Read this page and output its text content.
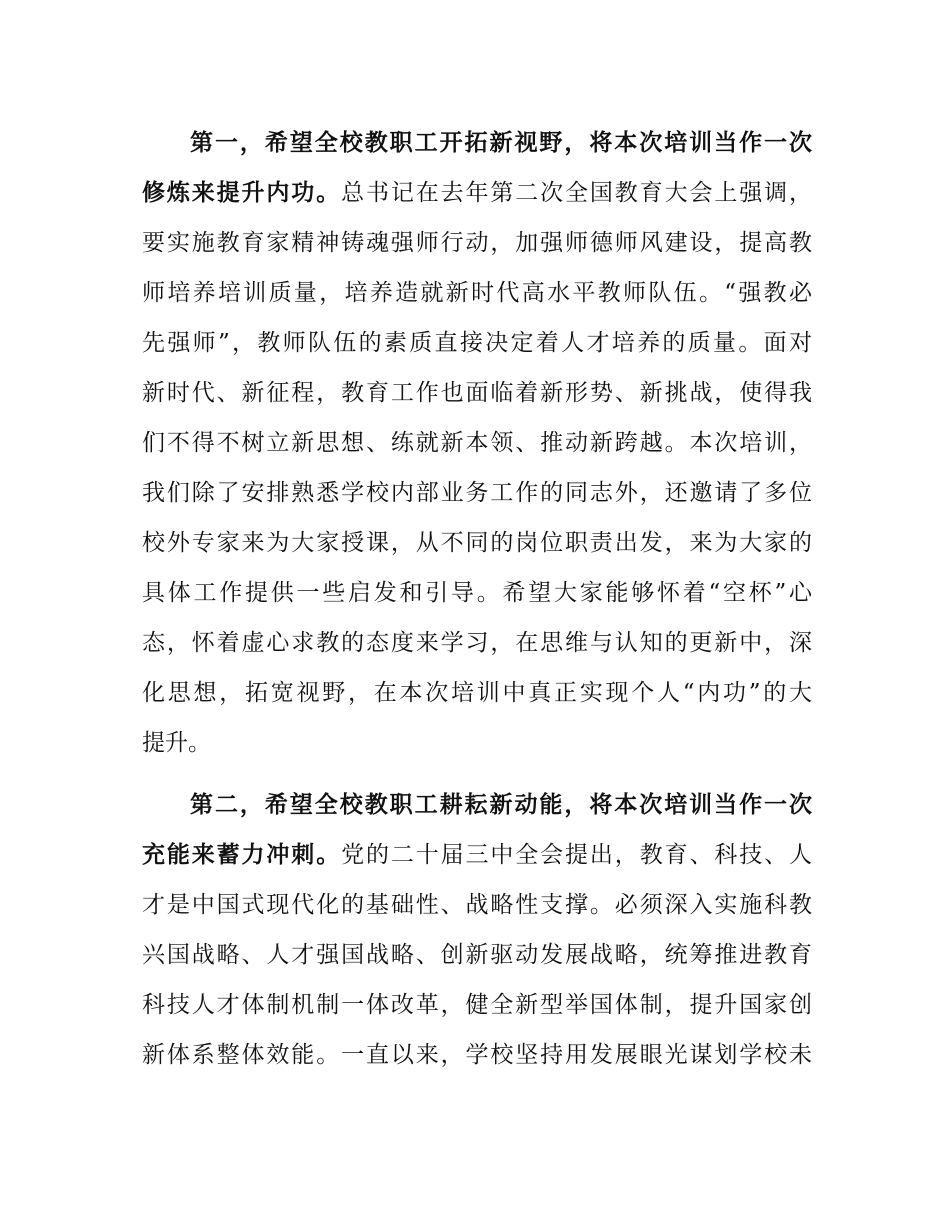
第一，希望全校教职工开拓新视野，将本次培训当作一次
修炼来提升内功。总书记在去年第二次全国教育大会上强调，
要实施教育家精神铸魂强师行动，加强师德师风建设，提高教
师培养培训质量，培养造就新时代高水平教师队伍。“强教必
先强师”，教师队伍的素质直接决定着人才培养的质量。面对
新时代、新征程，教育工作也面临着新形势、新挑战，使得我
们不得不树立新思想、练就新本领、推动新跨越。本次培训，
我们除了安排熟悉学校内部业务工作的同志外，还邀请了多位
校外专家来为大家授课，从不同的岗位职责出发，来为大家的
具体工作提供一些启发和引导。希望大家能够怀着“空杯”心
态，怀着虚心求教的态度来学习，在思维与认知的更新中，深
化思想，拓宽视野，在本次培训中真正实现个人“内功”的大
提升。
第二，希望全校教职工耕耘新动能，将本次培训当作一次
充能来蓄力冲刺。党的二十届三中全会提出，教育、科技、人
才是中国式现代化的基础性、战略性支撑。必须深入实施科教
兴国战略、人才强国战略、创新驱动发展战略，统筹推进教育
科技人才体制机制一体改革，健全新型举国体制，提升国家创
新体系整体效能。一直以来，学校坚持用发展眼光谋划学校未
